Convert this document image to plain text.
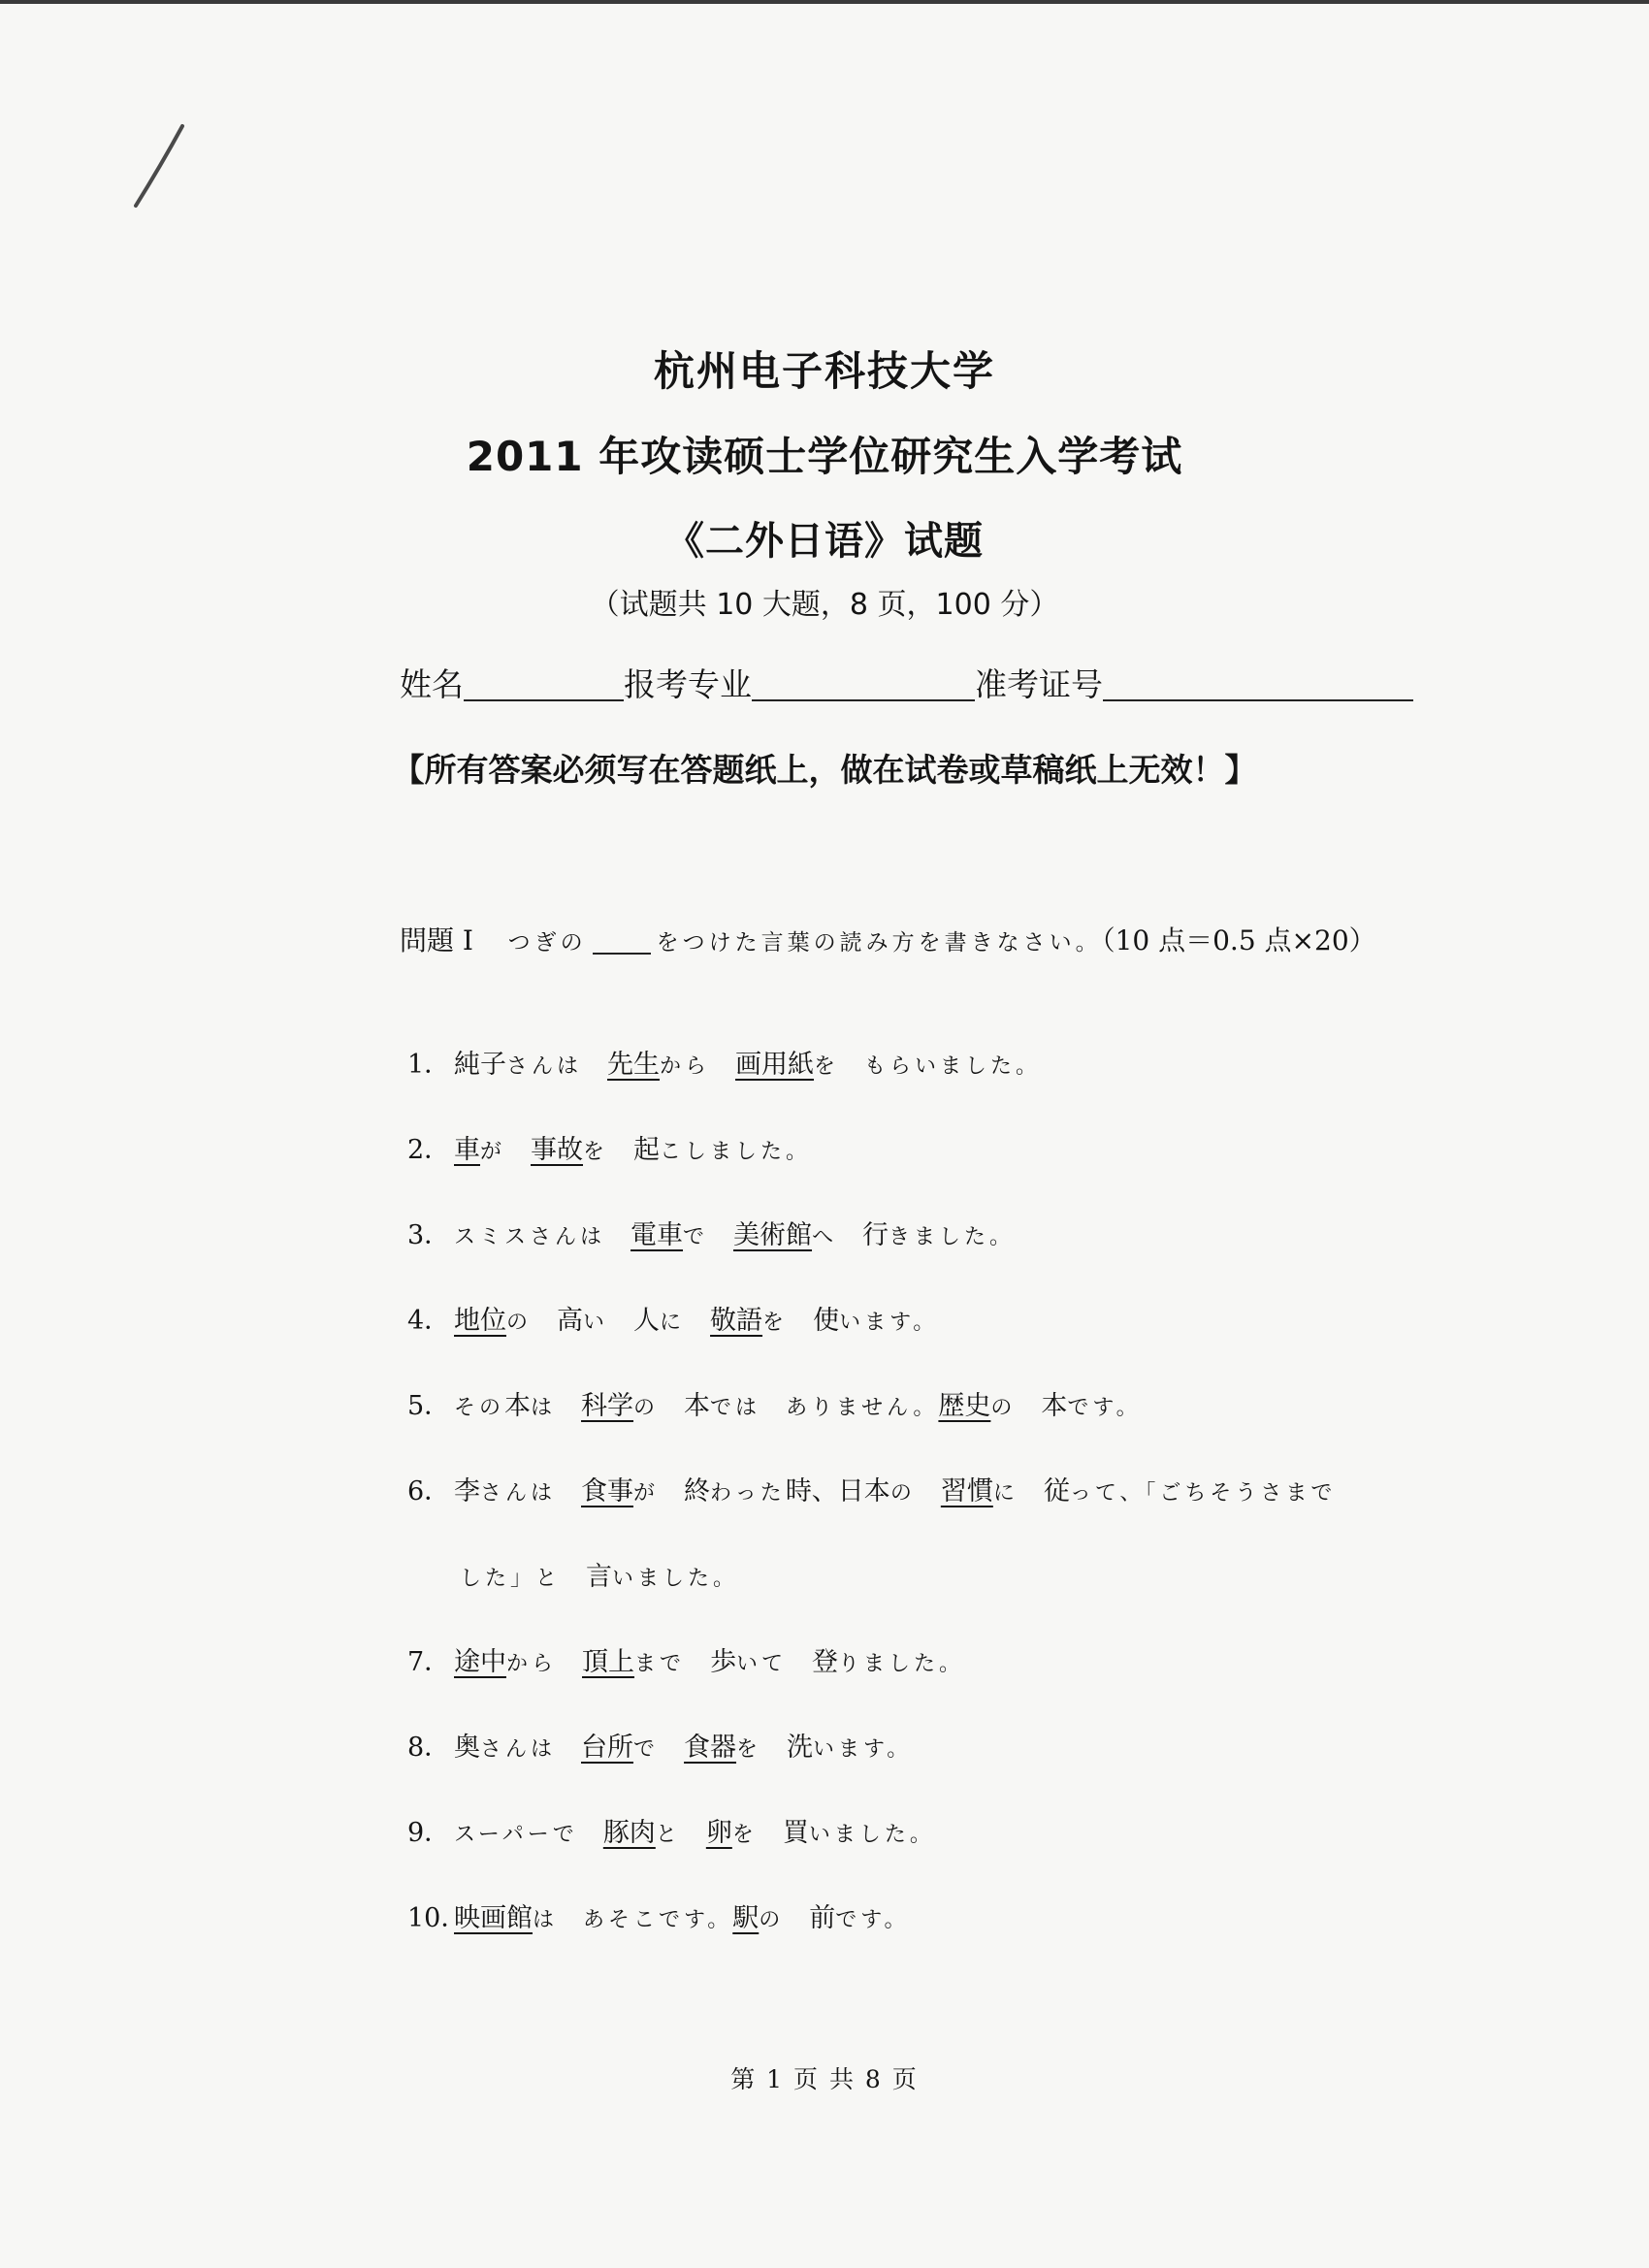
杭州电子科技大学
2011 年攻读硕士学位研究生入学考试
《二外日语》试题
（试题共 10 大题，8 页，100 分）
姓名	报考专业	准考证号
【所有答案必须写在答题纸上，做在试卷或草稿纸上无效！】
問題 I つぎの	をつけた言葉の読み方を書きなさい。（10 点＝0.5 点×20）
1． 純子さんは 先生から 画用紙を もらいました。
2． 車が 事故を 起こしました。
3． スミスさんは 電車で 美術館へ 行きました。
4． 地位の 高い 人に 敬語を 使います。
5． その本は 科学の 本では ありません。歴史の 本です。
6． 李さんは 食事が 終わった時、日本の 習慣に 従って、「ごちそうさまで
した」と 言いました。
7． 途中から 頂上まで 歩いて 登りました。
8． 奥さんは 台所で 食器を 洗います。
9． スーパーで 豚肉と 卵を 買いました。
10．映画館は あそこです。駅の 前です。
第 1 页 共 8 页
